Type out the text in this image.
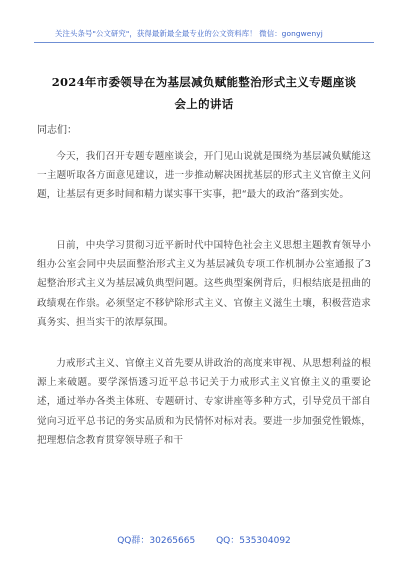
关注头条号"公文研究"，获得最新最全最专业的公文资料库！ 微信：gongwenyj
2024年市委领导在为基层减负赋能整治形式主义专题座谈
会上的讲话
同志们：

今天，我们召开专题专题座谈会，开门见山说就是围绕为基层减负赋能这一主题听取各方面意见建议，进一步推动解决困扰基层的形式主义官僚主义问题，让基层有更多时间和精力谋实事干实事，把“最大的政治”落到实处。

日前，中央学习贯彻习近平新时代中国特色社会主义思想主题教育领导小组办公室会同中央层面整治形式主义为基层减负专项工作机制办公室通报了3起整治形式主义为基层减负典型问题。这些典型案例背后，归根结底是扭曲的政绩观在作祟。必须坚定不移铲除形式主义、官僚主义滋生土壤，积极营造求真务实、担当实干的浓厚氛围。

力戒形式主义、官僚主义首先要从讲政治的高度来审视、从思想利益的根源上来破题。要学深悟透习近平总书记关于力戒形式主义官僚主义的重要论述，通过举办各类主体班、专题研讨、专家讲座等多种方式，引导党员干部自觉向习近平总书记的务实品质和为民情怀对标对表。要进一步加强党性锻炼，把理想信念教育贯穿领导班子和干

QQ群：30265665 QQ：535304092
